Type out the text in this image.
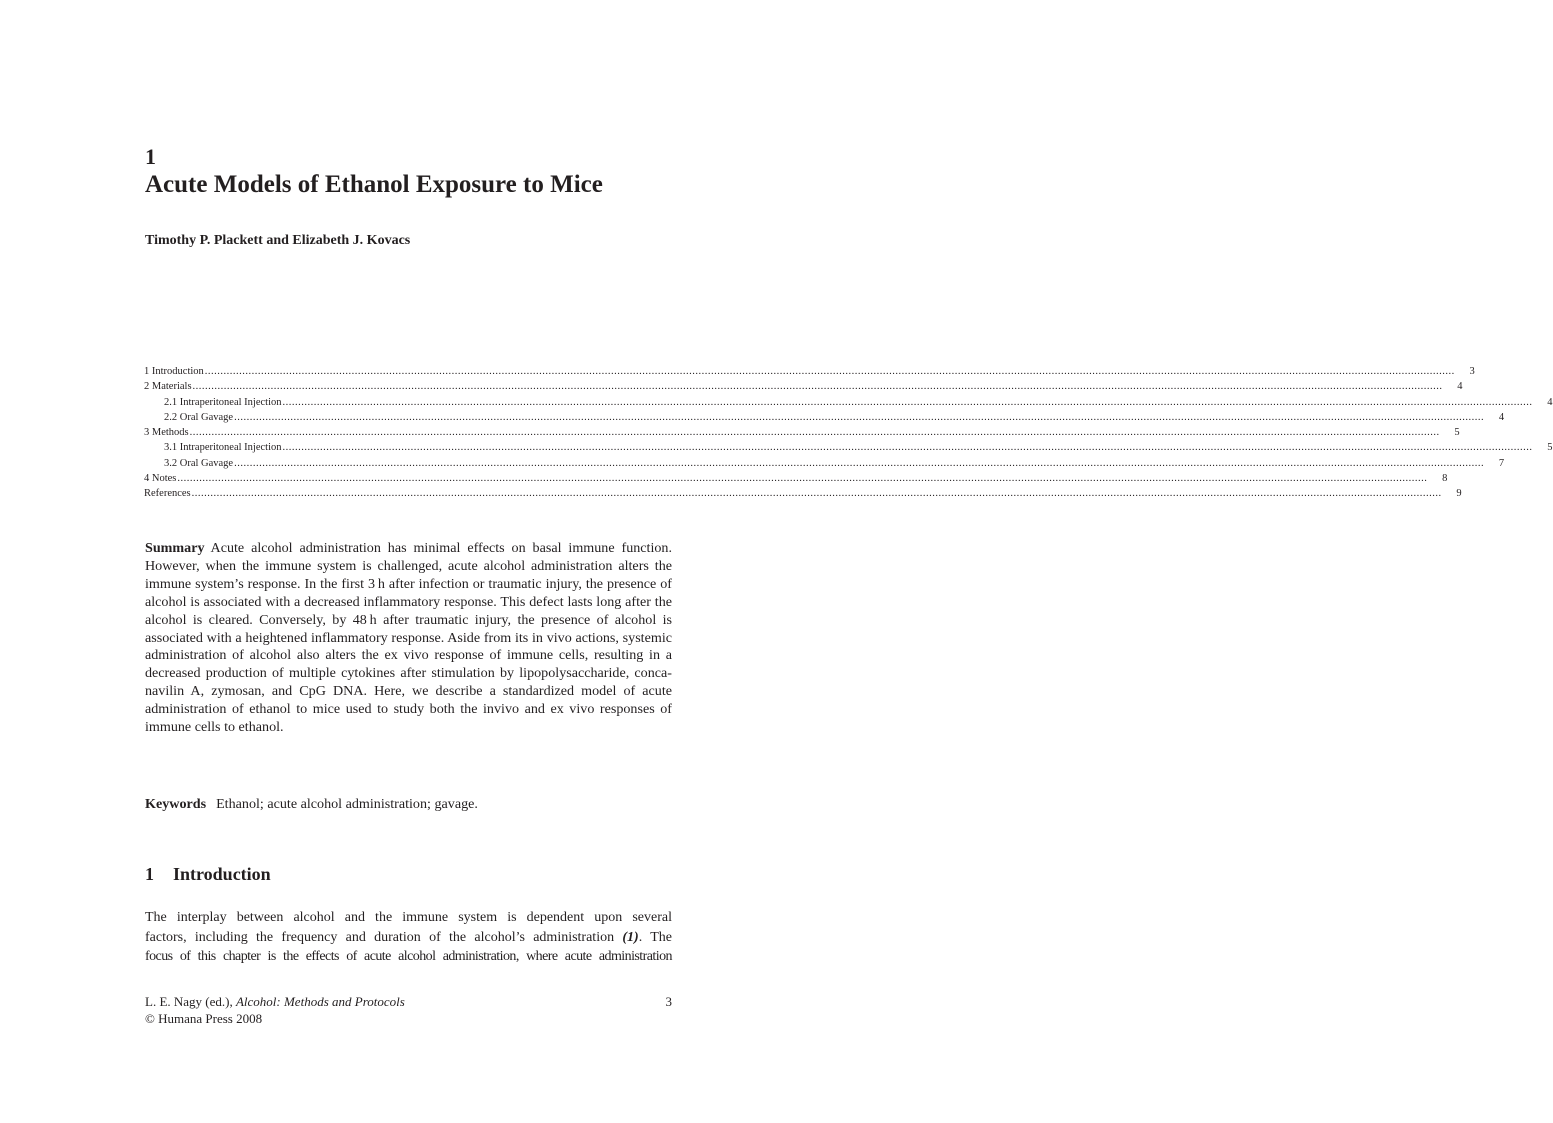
1
Acute Models of Ethanol Exposure to Mice
Timothy P. Plackett and Elizabeth J. Kovacs
1 Introduction ................................................................................................................................................................................................................................................................................................................................................................................................................	3
2 Materials ................................................................................................................................................................................................................................................................................................................................................................................................................	4
2.1 Intraperitoneal Injection ................................................................................................................................................................................................................................................................................................................................................................................................................	4
2.2 Oral Gavage ................................................................................................................................................................................................................................................................................................................................................................................................................	4
3 Methods ................................................................................................................................................................................................................................................................................................................................................................................................................	5
3.1 Intraperitoneal Injection ................................................................................................................................................................................................................................................................................................................................................................................................................	5
3.2 Oral Gavage ................................................................................................................................................................................................................................................................................................................................................................................................................	7
4 Notes ................................................................................................................................................................................................................................................................................................................................................................................................................	8
References ................................................................................................................................................................................................................................................................................................................................................................................................................	9
Summary Acute alcohol administration has minimal effects on basal immune function. However, when the immune system is challenged, acute alcohol administration alters the immune system’s response. In the first 3 h after infection or traumatic injury, the presence of alcohol is associated with a decreased inflammatory response. This defect lasts long after the alcohol is cleared. Conversely, by 48 h after traumatic injury, the presence of alcohol is associated with a heightened inflammatory response. Aside from its in vivo actions, systemic administration of alcohol also alters the ex vivo response of immune cells, resulting in a decreased production of multiple cytokines after stimulation by lipopolysaccharide, concanavilin A, zymosan, and CpG DNA. Here, we describe a standardized model of acute administration of ethanol to mice used to study both the invivo and ex vivo responses of immune cells to ethanol.
Keywords Ethanol; acute alcohol administration; gavage.
1 Introduction
The interplay between alcohol and the immune system is dependent upon several
factors, including the frequency and duration of the alcohol’s administration (1). The
focus of this chapter is the effects of acute alcohol administration, where acute administration
L. E. Nagy (ed.), Alcohol: Methods and Protocols
© Humana Press 2008
3
